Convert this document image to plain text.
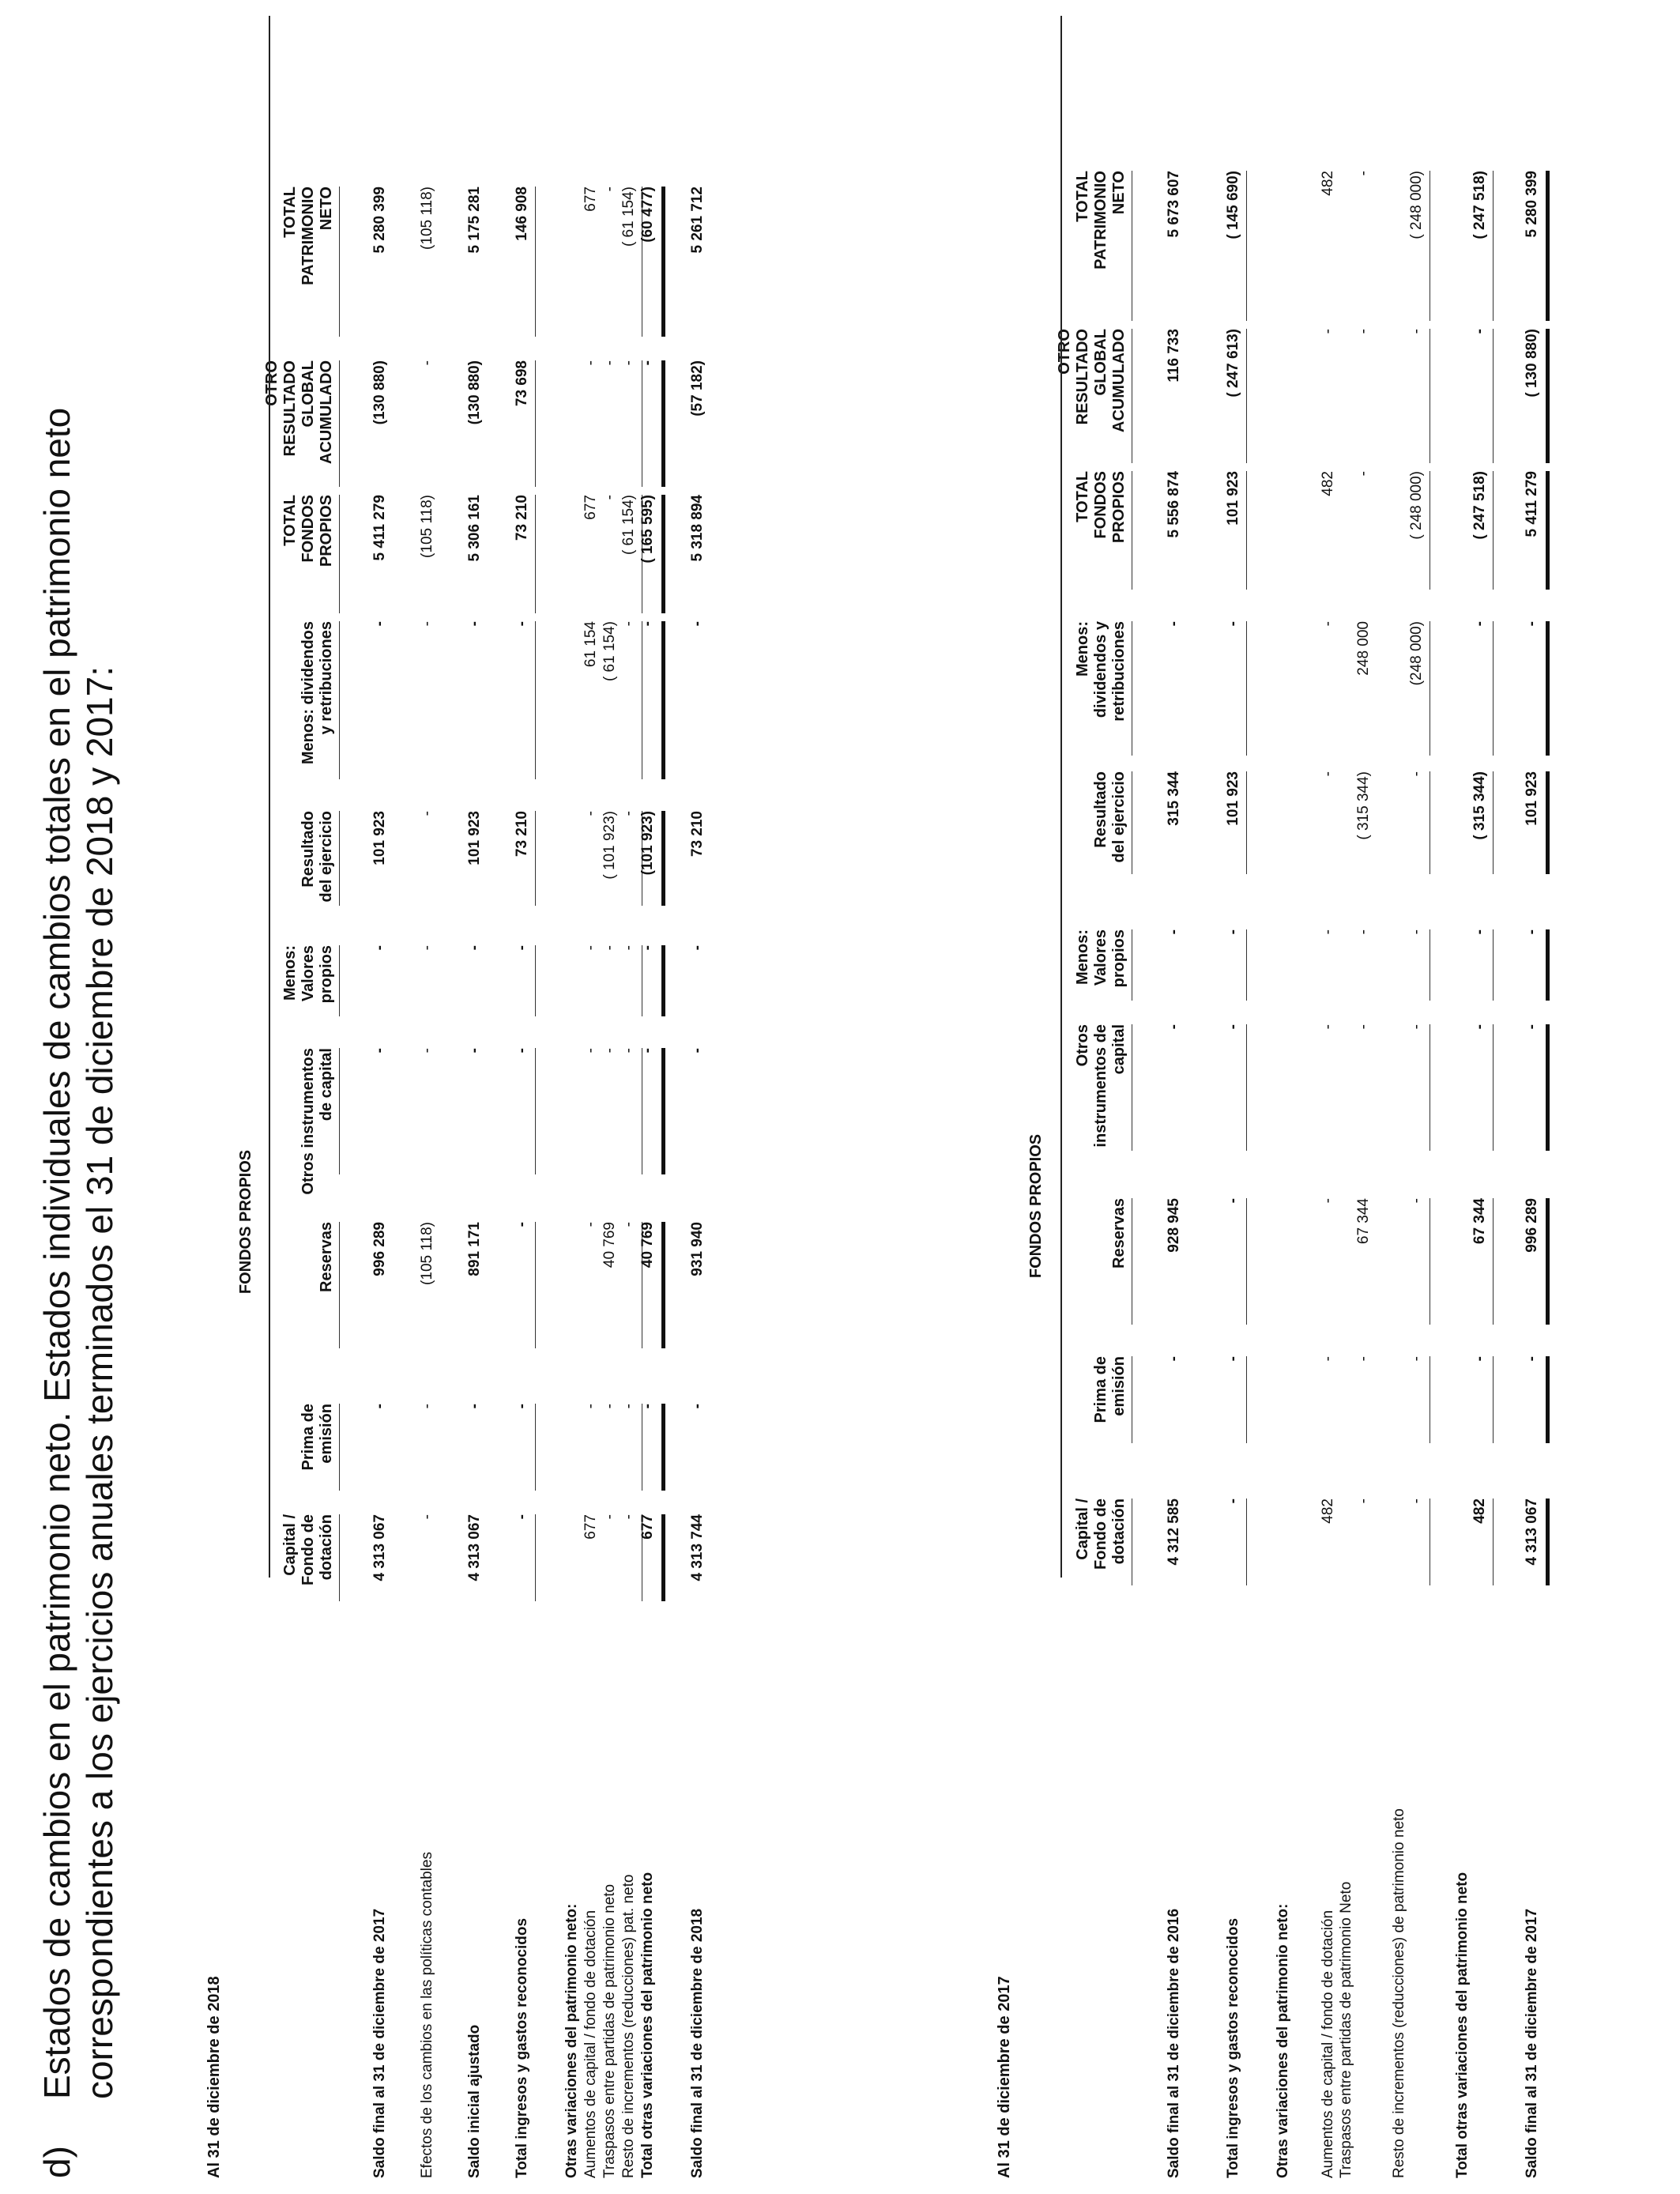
d)
Estados de cambios en el patrimonio neto. Estados individuales de cambios totales en el patrimonio neto correspondientes a los ejercicios anuales terminados el 31 de diciembre de 2018 y 2017:	Al 31 de diciembre de 2018
FONDOS PROPIOS
Capital / Fondo de dotación
Prima de emisión
Reservas
Otros instrumentos de capital
Menos: Valores propios
Resultado del ejercicio
Menos: dividendos y retribuciones
TOTAL FONDOS PROPIOS
OTRO RESULTADO GLOBAL ACUMULADO
TOTAL PATRIMONIO NETO
Saldo final al 31 de diciembre de 2017
4 313 067
-
996 289
-
-
101 923
-
5 411 279
(130 880)
5 280 399
Efectos de los cambios en las políticas contables
-
-
(105 118)
-
-
-
-
(105 118)
-
(105 118)
Saldo inicial ajustado
4 313 067
-
891 171
-
-
101 923
-
5 306 161
(130 880)
5 175 281
Total ingresos y gastos reconocidos
-
-
-
-
-
73 210
-
73 210
73 698
146 908
Otras variaciones del patrimonio neto: Aumentos de capital / fondo de dotación
677
-
-
-
-
-
61 154
677
-
677
Traspasos entre partidas de patrimonio neto
-
-
40 769
-
-
( 101 923)
( 61 154)
-
-
-
Resto de incrementos (reducciones) pat. neto
-
-
-
-
-
-
-
( 61 154)
-
( 61 154)
Total otras variaciones del patrimonio neto
677
-
40 769
-
-
(101 923)
-
( 165 595)
-
(60 477)
Saldo final al 31 de diciembre de 2018
4 313 744
-
931 940
-
-
73 210
-
5 318 894
(57 182)
5 261 712
Al 31 de diciembre de 2017
FONDOS PROPIOS
Capital / Fondo de dotación
Prima de emisión
Reservas
Otros instrumentos de capital
Menos: Valores propios
Resultado del ejercicio
Menos: dividendos y retribuciones
TOTAL FONDOS PROPIOS
OTRO RESULTADO GLOBAL ACUMULADO
TOTAL PATRIMONIO NETO
Saldo final al 31 de diciembre de 2016
4 312 585
-
928 945
-
-
315 344
-
5 556 874
116 733
5 673 607
Total ingresos y gastos reconocidos
-
-
-
-
-
101 923
-
101 923
( 247 613)
( 145 690)
Otras variaciones del patrimonio neto: Aumentos de capital / fondo de dotación
482
-
-
-
-
-
-
482
-
482
Traspasos entre partidas de patrimonio Neto
-
-
67 344
-
-
( 315 344)
248 000
-
-
-
Resto de incrementos (reducciones) de patrimonio neto
-
-
-
-
-
-
(248 000)
( 248 000)
-
( 248 000)
Total otras variaciones del patrimonio neto
482
-
67 344
-
-
( 315 344)
-
( 247 518)
-
( 247 518)
Saldo final al 31 de diciembre de 2017
4 313 067
-
996 289
-
-
101 923
-
5 411 279
( 130 880)
5 280 399
